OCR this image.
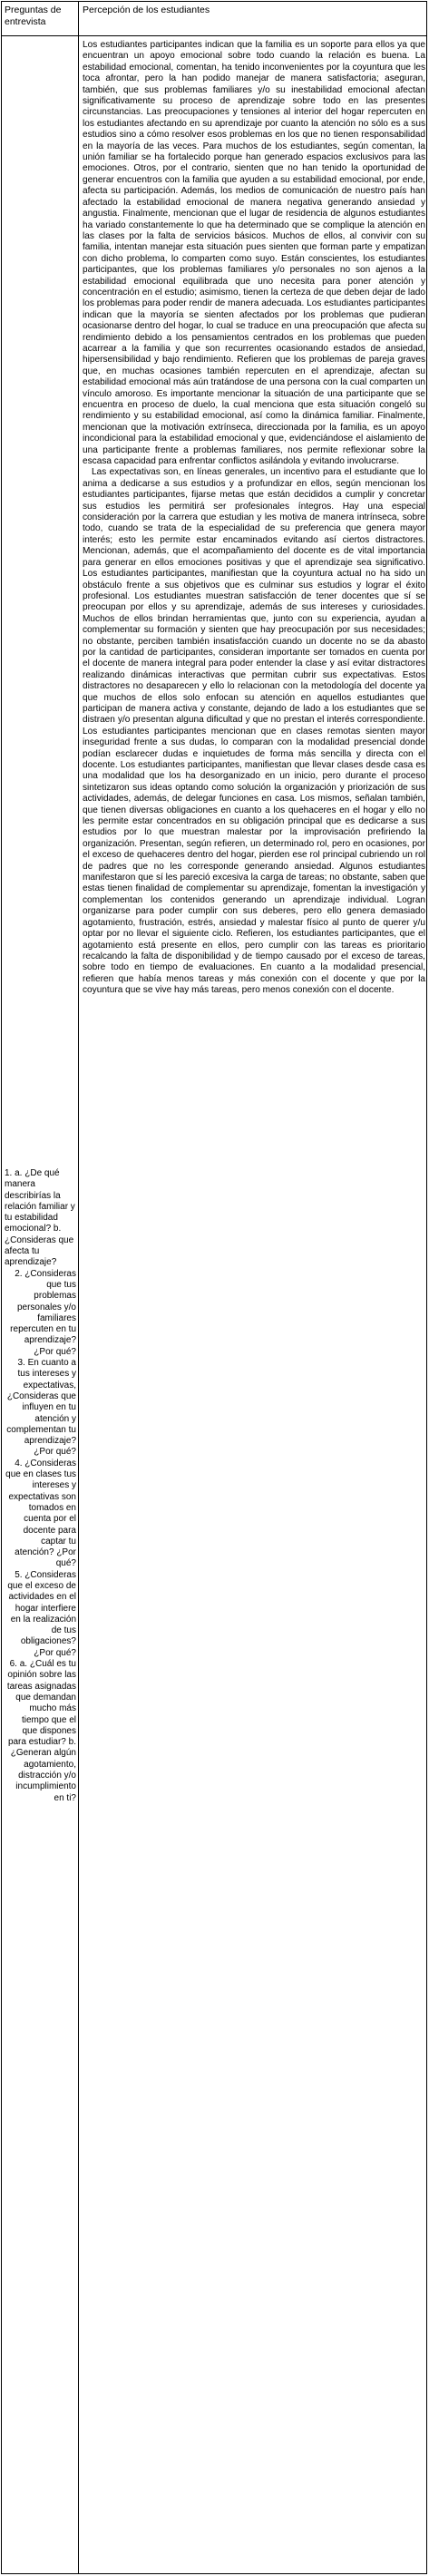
Preguntas de entrevista
Percepción de los estudiantes

1. a. ¿De qué manera describirías la relación familiar y tu estabilidad emocional? b. ¿Consideras que afecta tu aprendizaje?

2. ¿Consideras que tus problemas personales y/o familiares repercuten en tu aprendizaje? ¿Por qué?

3. En cuanto a tus intereses y expectativas, ¿Consideras que influyen en tu atención y complementan tu aprendizaje? ¿Por qué?

4. ¿Consideras que en clases tus intereses y expectativas son tomados en cuenta por el docente para captar tu atención? ¿Por qué?

5. ¿Consideras que el exceso de actividades en el hogar interfiere en la realización de tus obligaciones? ¿Por qué?

6. a. ¿Cuál es tu opinión sobre las tareas asignadas que demandan mucho más tiempo que el que dispones para estudiar? b. ¿Generan algún agotamiento, distracción y/o incumplimiento en ti?

Los estudiantes participantes indican que la familia es un soporte para ellos ya que encuentran un apoyo emocional sobre todo cuando la relación es buena. La estabilidad emocional, comentan, ha tenido inconvenientes por la coyuntura que les toca afrontar, pero la han podido manejar de manera satisfactoria; aseguran, también, que sus problemas familiares y/o su inestabilidad emocional afectan significativamente su proceso de aprendizaje sobre todo en las presentes circunstancias. Las preocupaciones y tensiones al interior del hogar repercuten en los estudiantes afectando en su aprendizaje por cuanto la atención no sólo es a sus estudios sino a cómo resolver esos problemas en los que no tienen responsabilidad en la mayoría de las veces. Para muchos de los estudiantes, según comentan, la unión familiar se ha fortalecido porque han generado espacios exclusivos para las emociones. Otros, por el contrario, sienten que no han tenido la oportunidad de generar encuentros con la familia que ayuden a su estabilidad emocional, por ende, afecta su participación. Además, los medios de comunicación de nuestro país han afectado la estabilidad emocional de manera negativa generando ansiedad y angustia. Finalmente, mencionan que el lugar de residencia de algunos estudiantes ha variado constantemente lo que ha determinado que se complique la atención en las clases por la falta de servicios básicos. Muchos de ellos, al convivir con su familia, intentan manejar esta situación pues sienten que forman parte y empatizan con dicho problema, lo comparten como suyo. Están conscientes, los estudiantes participantes, que los problemas familiares y/o personales no son ajenos a la estabilidad emocional equilibrada que uno necesita para poner atención y concentración en el estudio; asimismo, tienen la certeza de que deben dejar de lado los problemas para poder rendir de manera adecuada. Los estudiantes participantes indican que la mayoría se sienten afectados por los problemas que pudieran ocasionarse dentro del hogar, lo cual se traduce en una preocupación que afecta su rendimiento debido a los pensamientos centrados en los problemas que pueden acarrear a la familia y que son recurrentes ocasionando estados de ansiedad, hipersensibilidad y bajo rendimiento. Refieren que los problemas de pareja graves que, en muchas ocasiones también repercuten en el aprendizaje, afectan su estabilidad emocional más aún tratándose de una persona con la cual comparten un vínculo amoroso. Es importante mencionar la situación de una participante que se encuentra en proceso de duelo, la cual menciona que esta situación congeló su rendimiento y su estabilidad emocional, así como la dinámica familiar. Finalmente, mencionan que la motivación extrínseca, direccionada por la familia, es un apoyo incondicional para la estabilidad emocional y que, evidenciándose el aislamiento de una participante frente a problemas familiares, nos permite reflexionar sobre la escasa capacidad para enfrentar conflictos asilándola y evitando involucrarse.

Las expectativas son, en líneas generales, un incentivo para el estudiante que lo anima a dedicarse a sus estudios y a profundizar en ellos, según mencionan los estudiantes participantes, fijarse metas que están decididos a cumplir y concretar sus estudios les permitirá ser profesionales íntegros. Hay una especial consideración por la carrera que estudian y les motiva de manera intrínseca, sobre todo, cuando se trata de la especialidad de su preferencia que genera mayor interés; esto les permite estar encaminados evitando así ciertos distractores. Mencionan, además, que el acompañamiento del docente es de vital importancia para generar en ellos emociones positivas y que el aprendizaje sea significativo. Los estudiantes participantes, manifiestan que la coyuntura actual no ha sido un obstáculo frente a sus objetivos que es culminar sus estudios y lograr el éxito profesional. Los estudiantes muestran satisfacción de tener docentes que sí se preocupan por ellos y su aprendizaje, además de sus intereses y curiosidades. Muchos de ellos brindan herramientas que, junto con su experiencia, ayudan a complementar su formación y sienten que hay preocupación por sus necesidades; no obstante, perciben también insatisfacción cuando un docente no se da abasto por la cantidad de participantes, consideran importante ser tomados en cuenta por el docente de manera integral para poder entender la clase y así evitar distractores realizando dinámicas interactivas que permitan cubrir sus expectativas. Estos distractores no desaparecen y ello lo relacionan con la metodología del docente ya que muchos de ellos solo enfocan su atención en aquellos estudiantes que participan de manera activa y constante, dejando de lado a los estudiantes que se distraen y/o presentan alguna dificultad y que no prestan el interés correspondiente. Los estudiantes participantes mencionan que en clases remotas sienten mayor inseguridad frente a sus dudas, lo comparan con la modalidad presencial donde podían esclarecer dudas e inquietudes de forma más sencilla y directa con el docente. Los estudiantes participantes, manifiestan que llevar clases desde casa es una modalidad que los ha desorganizado en un inicio, pero durante el proceso sintetizaron sus ideas optando como solución la organización y priorización de sus actividades, además, de delegar funciones en casa. Los mismos, señalan también, que tienen diversas obligaciones en cuanto a los quehaceres en el hogar y ello no les permite estar concentrados en su obligación principal que es dedicarse a sus estudios por lo que muestran malestar por la improvisación prefiriendo la organización. Presentan, según refieren, un determinado rol, pero en ocasiones, por el exceso de quehaceres dentro del hogar, pierden ese rol principal cubriendo un rol de padres que no les corresponde generando ansiedad. Algunos estudiantes manifestaron que sí les pareció excesiva la carga de tareas; no obstante, saben que estas tienen finalidad de complementar su aprendizaje, fomentan la investigación y complementan los contenidos generando un aprendizaje individual. Logran organizarse para poder cumplir con sus deberes, pero ello genera demasiado agotamiento, frustración, estrés, ansiedad y malestar físico al punto de querer y/u optar por no llevar el siguiente ciclo. Refieren, los estudiantes participantes, que el agotamiento está presente en ellos, pero cumplir con las tareas es prioritario recalcando la falta de disponibilidad y de tiempo causado por el exceso de tareas, sobre todo en tiempo de evaluaciones. En cuanto a la modalidad presencial, refieren que había menos tareas y más conexión con el docente y que por la coyuntura que se vive hay más tareas, pero menos conexión con el docente.
